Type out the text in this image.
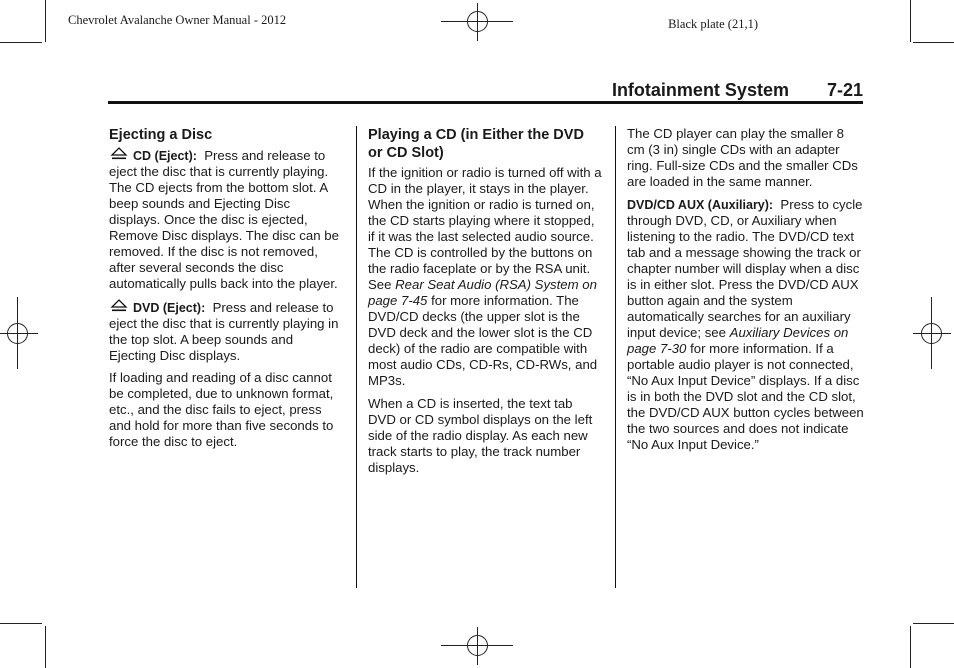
Chevrolet Avalanche Owner Manual - 2012	Black plate (21,1)
Infotainment System 7-21
Ejecting a Disc

CD (Eject): Press and release to eject the disc that is currently playing. The CD ejects from the bottom slot. A beep sounds and Ejecting Disc displays. Once the disc is ejected, Remove Disc displays. The disc can be removed. If the disc is not removed, after several seconds the disc automatically pulls back into the player.

DVD (Eject): Press and release to eject the disc that is currently playing in the top slot. A beep sounds and Ejecting Disc displays.

If loading and reading of a disc cannot be completed, due to unknown format, etc., and the disc fails to eject, press and hold for more than five seconds to force the disc to eject.

Playing a CD (in Either the DVD or CD Slot)

If the ignition or radio is turned off with a CD in the player, it stays in the player. When the ignition or radio is turned on, the CD starts playing where it stopped, if it was the last selected audio source. The CD is controlled by the buttons on the radio faceplate or by the RSA unit. See Rear Seat Audio (RSA) System on page 7-45 for more information. The DVD/CD decks (the upper slot is the DVD deck and the lower slot is the CD deck) of the radio are compatible with most audio CDs, CD-Rs, CD-RWs, and MP3s.

When a CD is inserted, the text tab DVD or CD symbol displays on the left side of the radio display. As each new track starts to play, the track number displays.

The CD player can play the smaller 8 cm (3 in) single CDs with an adapter ring. Full-size CDs and the smaller CDs are loaded in the same manner.

DVD/CD AUX (Auxiliary): Press to cycle through DVD, CD, or Auxiliary when listening to the radio. The DVD/CD text tab and a message showing the track or chapter number will display when a disc is in either slot. Press the DVD/CD AUX button again and the system automatically searches for an auxiliary input device; see Auxiliary Devices on page 7-30 for more information. If a portable audio player is not connected, “No Aux Input Device” displays. If a disc is in both the DVD slot and the CD slot, the DVD/CD AUX button cycles between the two sources and does not indicate “No Aux Input Device.”
